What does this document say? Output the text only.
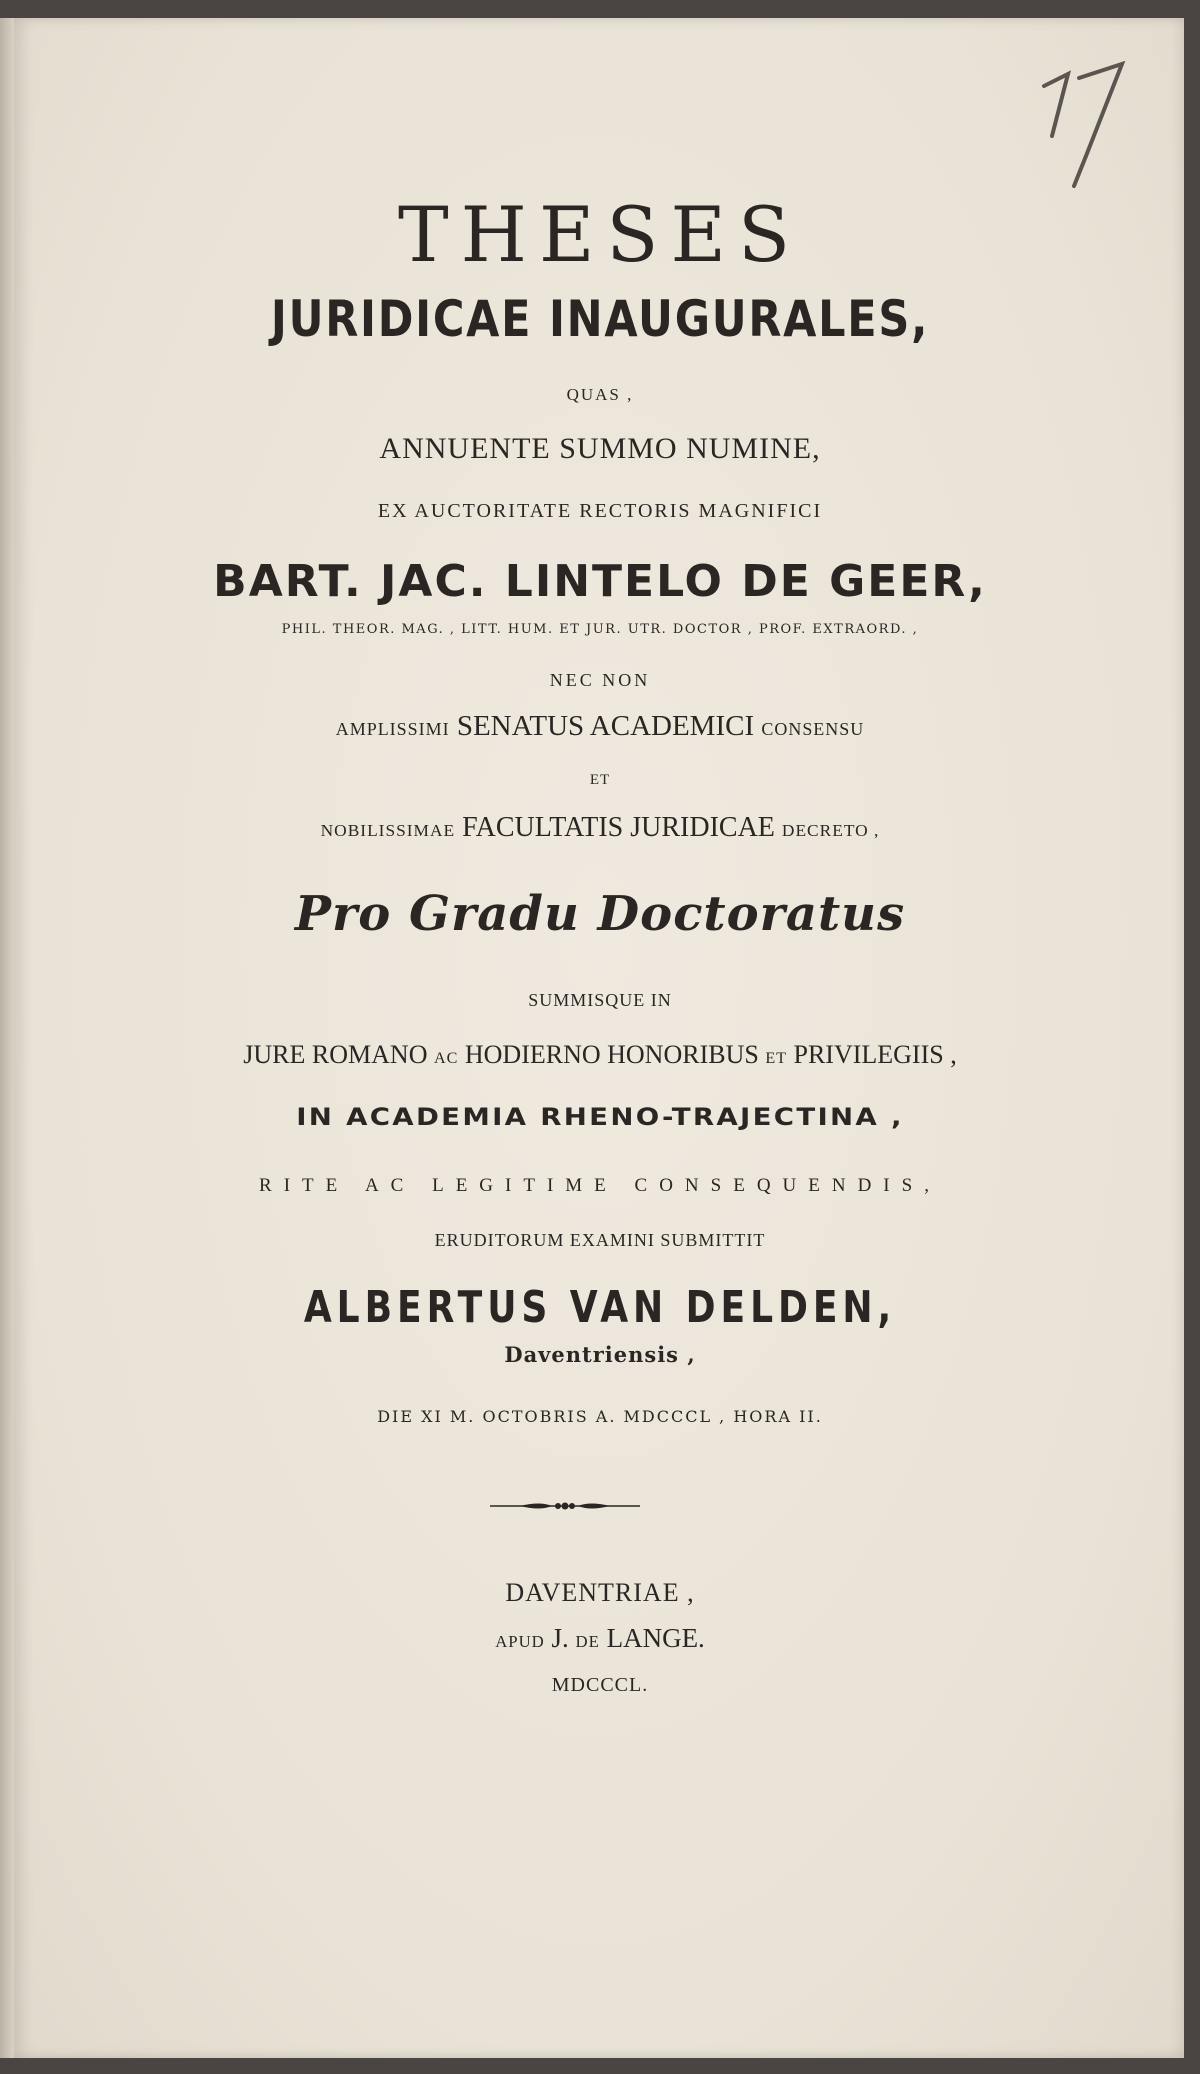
THESES
JURIDICAE INAUGURALES,
QUAS ,
ANNUENTE SUMMO NUMINE,
EX AUCTORITATE RECTORIS MAGNIFICI
BART. JAC. LINTELO DE GEER,
PHIL. THEOR. MAG. , LITT. HUM. ET JUR. UTR. DOCTOR , PROF. EXTRAORD. ,
NEC NON
AMPLISSIMI SENATUS ACADEMICI CONSENSU
ET
NOBILISSIMAE FACULTATIS JURIDICAE DECRETO ,
Pro Gradu Doctoratus
SUMMISQUE IN
JURE ROMANO AC HODIERNO HONORIBUS ET PRIVILEGIIS ,
IN ACADEMIA RHENO-TRAJECTINA ,
RITE AC LEGITIME CONSEQUENDIS,
ERUDITORUM EXAMINI SUBMITTIT
ALBERTUS VAN DELDEN,
Daventriensis ,
DIE XI M. OCTOBRIS A. MDCCCL , HORA II.
DAVENTRIAE ,
APUD J. DE LANGE.
MDCCCL.
